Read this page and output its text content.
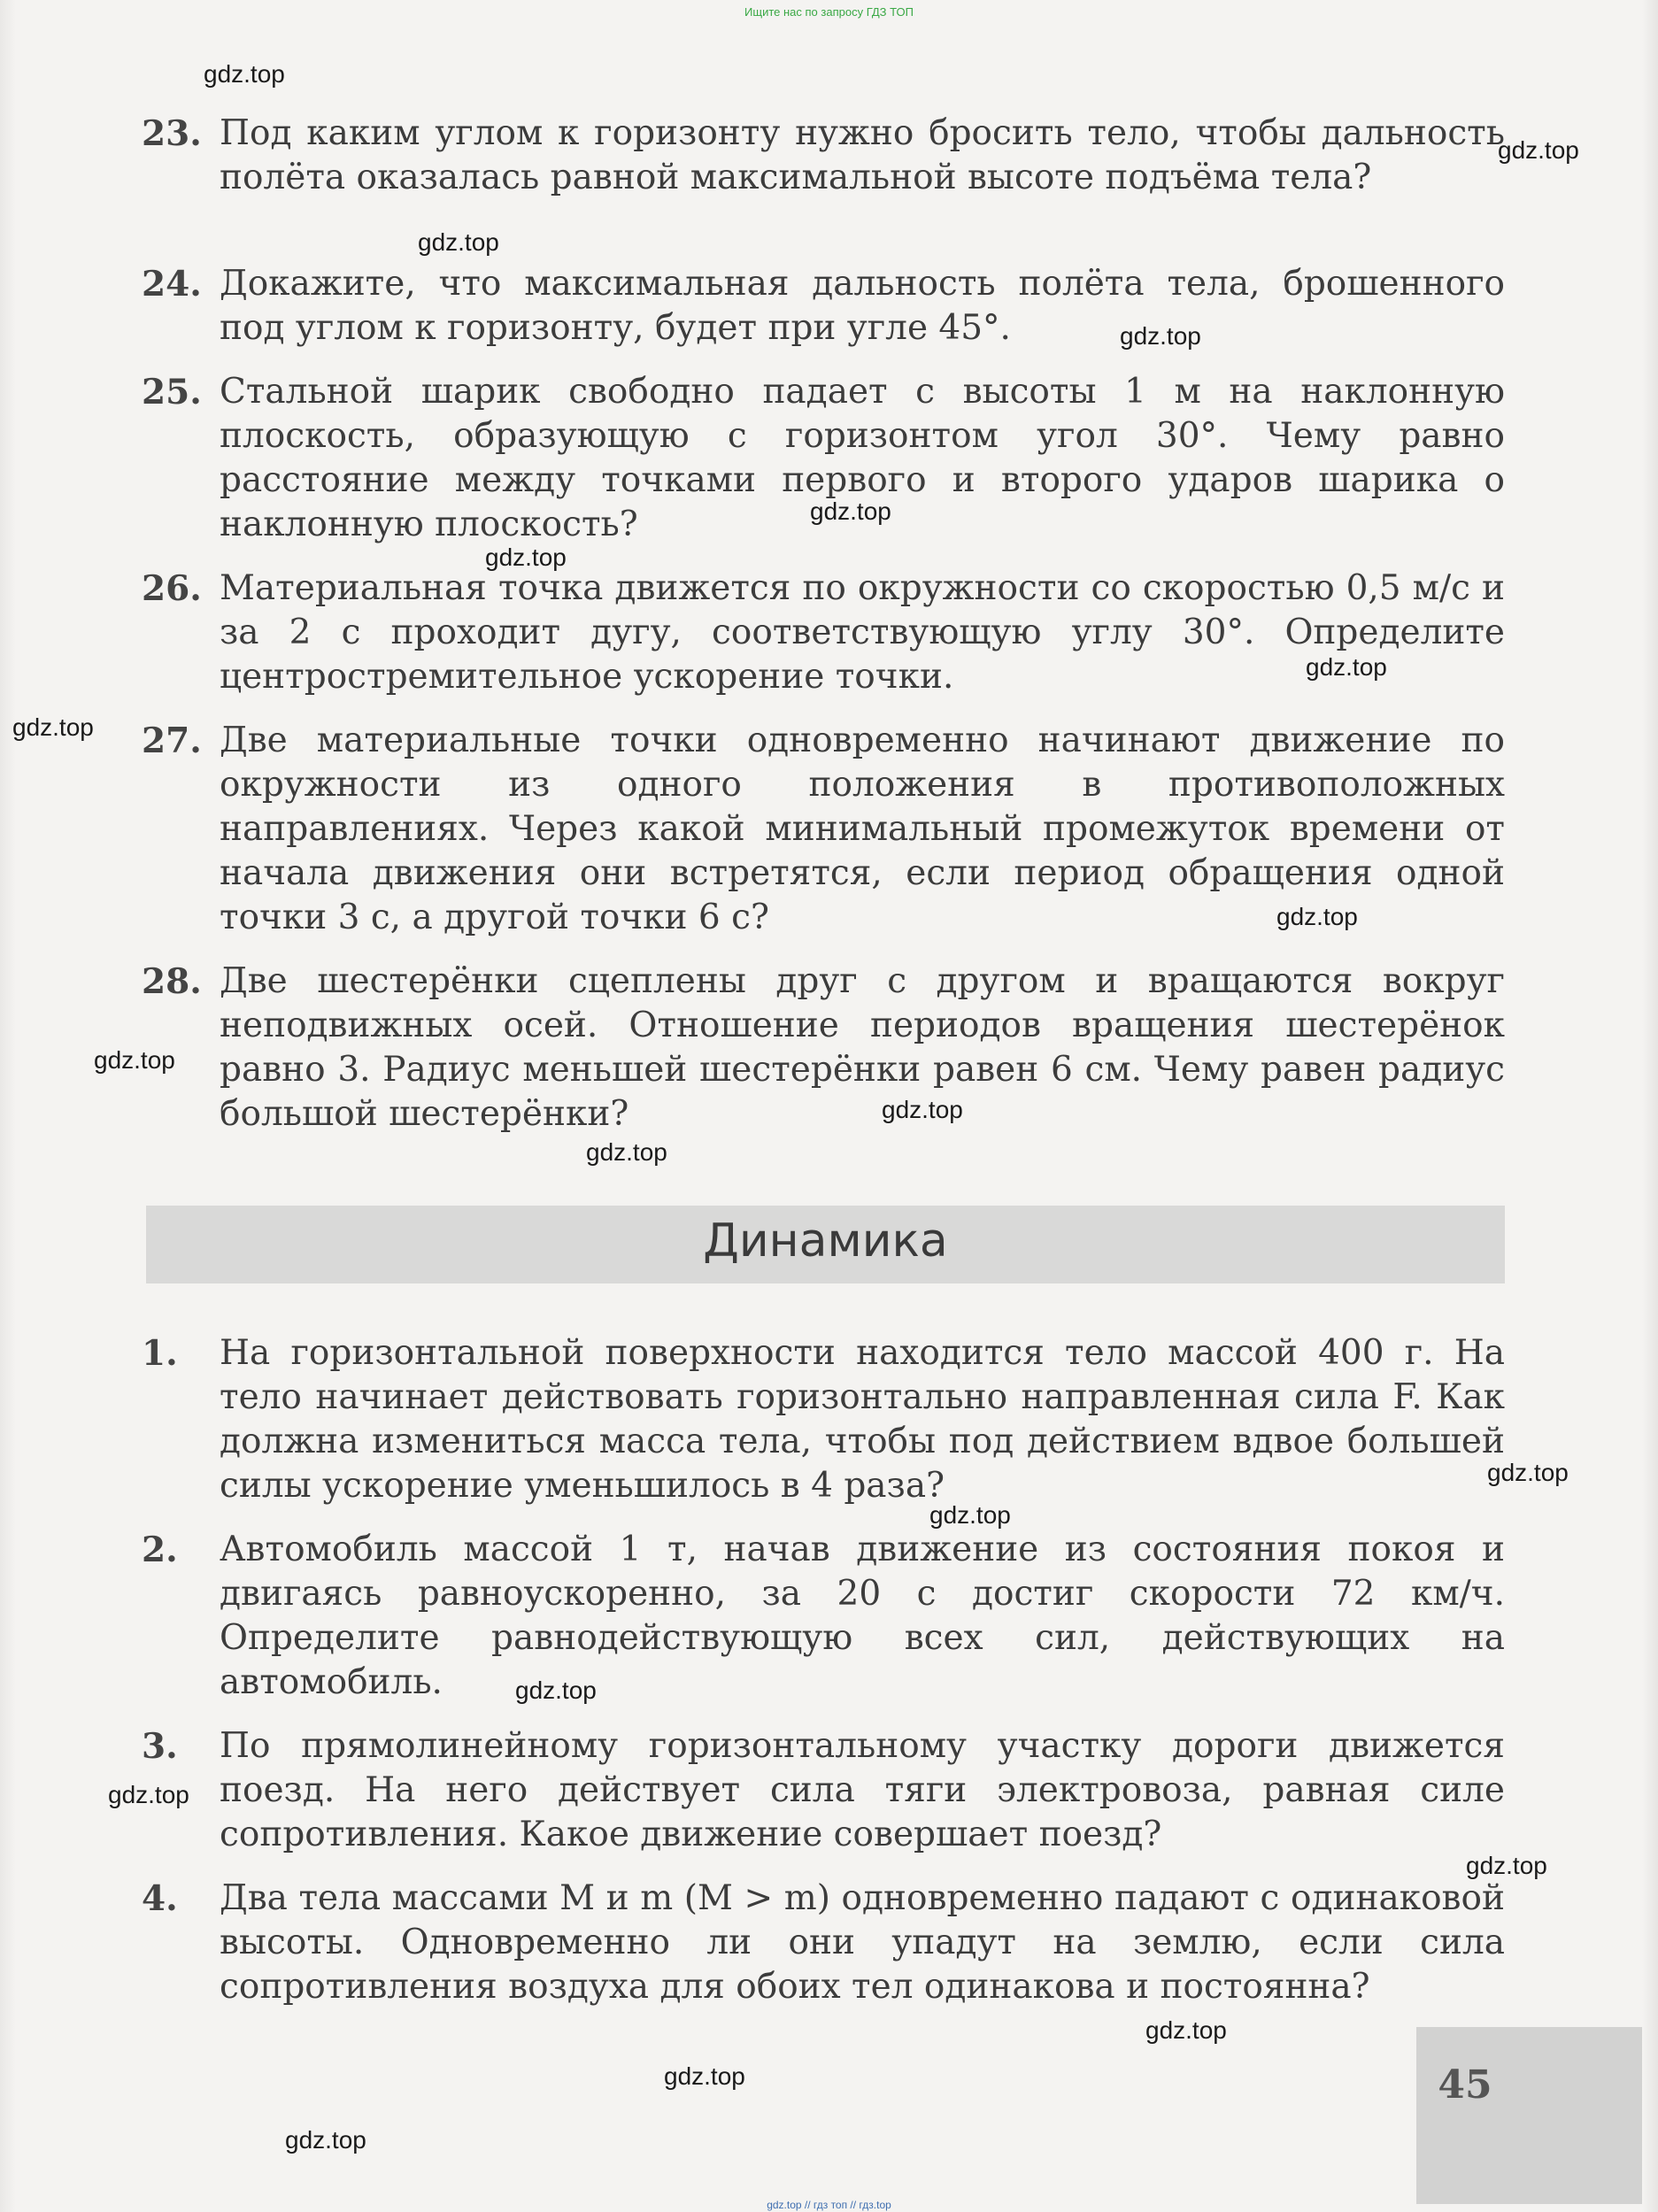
Ищите нас по запросу ГДЗ ТОП
23. Под каким углом к горизонту нужно бросить тело, чтобы дальность полёта оказалась равной максимальной высоте подъёма тела?
24. Докажите, что максимальная дальность полёта тела, брошенного под углом к горизонту, будет при угле 45°.
25. Стальной шарик свободно падает с высоты 1 м на наклонную плоскость, образующую с горизонтом угол 30°. Чему равно расстояние между точками первого и второго ударов шарика о наклонную плоскость?
26. Материальная точка движется по окружности со скоростью 0,5 м/с и за 2 с проходит дугу, соответствующую углу 30°. Определите центростремительное ускорение точки.
27. Две материальные точки одновременно начинают движение по окружности из одного положения в противоположных направлениях. Через какой минимальный промежуток времени от начала движения они встретятся, если период обращения одной точки 3 с, а другой точки 6 с?
28. Две шестерёнки сцеплены друг с другом и вращаются вокруг неподвижных осей. Отношение периодов вращения шестерёнок равно 3. Радиус меньшей шестерёнки равен 6 см. Чему равен радиус большой шестерёнки?
Динамика
1. На горизонтальной поверхности находится тело массой 400 г. На тело начинает действовать горизонтально направленная сила F. Как должна измениться масса тела, чтобы под действием вдвое большей силы ускорение уменьшилось в 4 раза?
2. Автомобиль массой 1 т, начав движение из состояния покоя и двигаясь равноускоренно, за 20 с достиг скорости 72 км/ч. Определите равнодействующую всех сил, действующих на автомобиль.
3. По прямолинейному горизонтальному участку дороги движется поезд. На него действует сила тяги электровоза, равная силе сопротивления. Какое движение совершает поезд?
4. Два тела массами M и m (M > m) одновременно падают с одинаковой высоты. Одновременно ли они упадут на землю, если сила сопротивления воздуха для обоих тел одинакова и постоянна?
45
gdz.top
gdz.top
gdz.top
gdz.top
gdz.top
gdz.top
gdz.top
gdz.top
gdz.top
gdz.top
gdz.top
gdz.top
gdz.top
gdz.top
gdz.top
gdz.top
gdz.top
gdz.top
gdz.top
gdz.top
gdz.top // гдз топ // гдз.top
